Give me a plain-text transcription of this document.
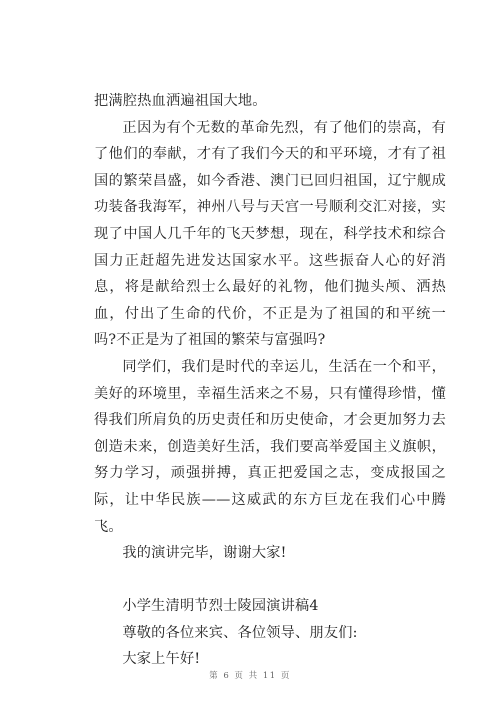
把满腔热血洒遍祖国大地。

正因为有个无数的革命先烈，有了他们的崇高，有了他们的奉献，才有了我们今天的和平环境，才有了祖国的繁荣昌盛，如今香港、澳门已回归祖国，辽宁舰成功装备我海军，神州八号与天宫一号顺利交汇对接，实现了中国人几千年的飞天梦想，现在，科学技术和综合国力正赶超先进发达国家水平。这些振奋人心的好消息，将是献给烈士么最好的礼物，他们抛头颅、洒热血，付出了生命的代价，不正是为了祖国的和平统一吗?不正是为了祖国的繁荣与富强吗?

同学们，我们是时代的幸运儿，生活在一个和平，美好的环境里，幸福生活来之不易，只有懂得珍惜，懂得我们所肩负的历史责任和历史使命，才会更加努力去创造未来，创造美好生活，我们要高举爱国主义旗帜，努力学习，顽强拼搏，真正把爱国之志，变成报国之际，让中华民族——这威武的东方巨龙在我们心中腾飞。

我的演讲完毕，谢谢大家!

小学生清明节烈士陵园演讲稿4

尊敬的各位来宾、各位领导、朋友们:

大家上午好!

第 6 页 共 11 页
